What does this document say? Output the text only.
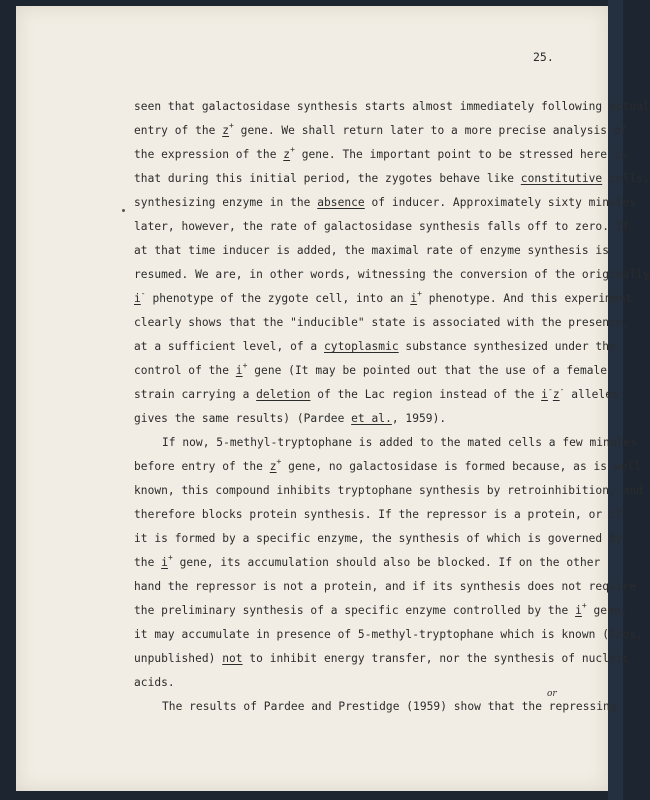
25.
seen that galactosidase synthesis starts almost immediately following actual
entry of the z+ gene. We shall return later to a more precise analysis of
the expression of the z+ gene. The important point to be stressed here is
that during this initial period, the zygotes behave like constitutive cells,
synthesizing enzyme in the absence of inducer. Approximately sixty minutes
later, however, the rate of galactosidase synthesis falls off to zero. If
at that time inducer is added, the maximal rate of enzyme synthesis is
resumed. We are, in other words, witnessing the conversion of the originally
i- phenotype of the zygote cell, into an i+ phenotype. And this experiment
clearly shows that the "inducible" state is associated with the presence,
at a sufficient level, of a cytoplasmic substance synthesized under the
control of the i+ gene (It may be pointed out that the use of a female
strain carrying a deletion of the Lac region instead of the i-z- alleles
gives the same results) (Pardee et al., 1959).
If now, 5-methyl-tryptophane is added to the mated cells a few minutes
before entry of the z+ gene, no galactosidase is formed because, as is well
known, this compound inhibits tryptophane synthesis by retroinhibition, and
therefore blocks protein synthesis. If the repressor is a protein, or if
it is formed by a specific enzyme, the synthesis of which is governed by
the i+ gene, its accumulation should also be blocked. If on the other
hand the repressor is not a protein, and if its synthesis does not require
the preliminary synthesis of a specific enzyme controlled by the i+ gene,
it may accumulate in presence of 5-methyl-tryptophane which is known (Gros,
unpublished) not to inhibit energy transfer, nor the synthesis of nucleic
acids.
The results of Pardee and Prestidge (1959) show that the repressing
or
